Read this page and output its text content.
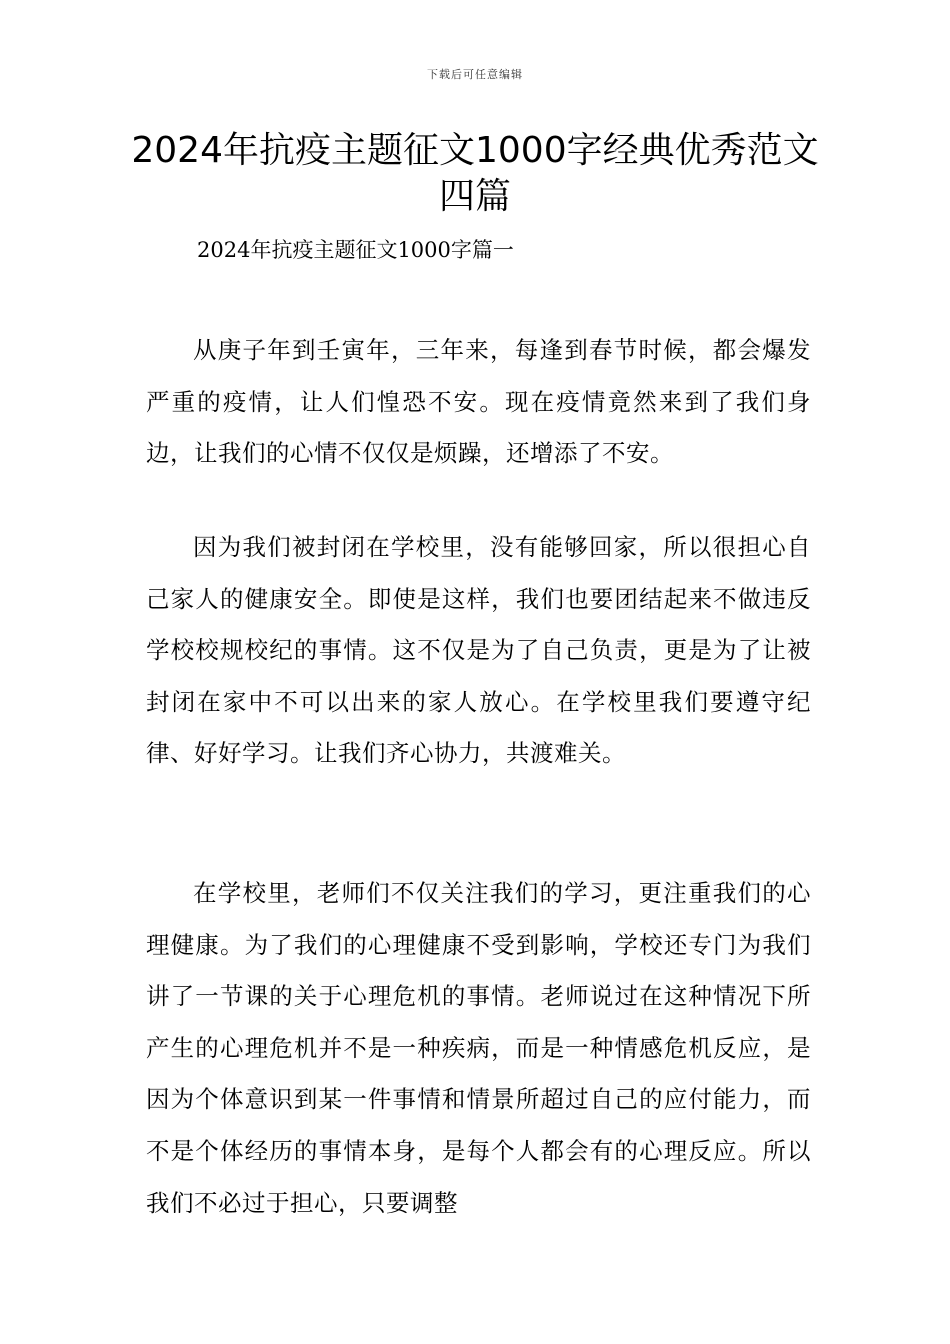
下载后可任意编辑
2024年抗疫主题征文1000字经典优秀范文
四篇
2024年抗疫主题征文1000字篇一

从庚子年到壬寅年，三年来，每逢到春节时候，都会爆发严重的疫情，让人们惶恐不安。现在疫情竟然来到了我们身边，让我们的心情不仅仅是烦躁，还增添了不安。

因为我们被封闭在学校里，没有能够回家，所以很担心自己家人的健康安全。即使是这样，我们也要团结起来不做违反学校校规校纪的事情。这不仅是为了自己负责，更是为了让被封闭在家中不可以出来的家人放心。在学校里我们要遵守纪律、好好学习。让我们齐心协力，共渡难关。

在学校里，老师们不仅关注我们的学习，更注重我们的心理健康。为了我们的心理健康不受到影响，学校还专门为我们讲了一节课的关于心理危机的事情。老师说过在这种情况下所产生的心理危机并不是一种疾病，而是一种情感危机反应，是因为个体意识到某一件事情和情景所超过自己的应付能力，而不是个体经历的事情本身，是每个人都会有的心理反应。所以我们不必过于担心，只要调整
